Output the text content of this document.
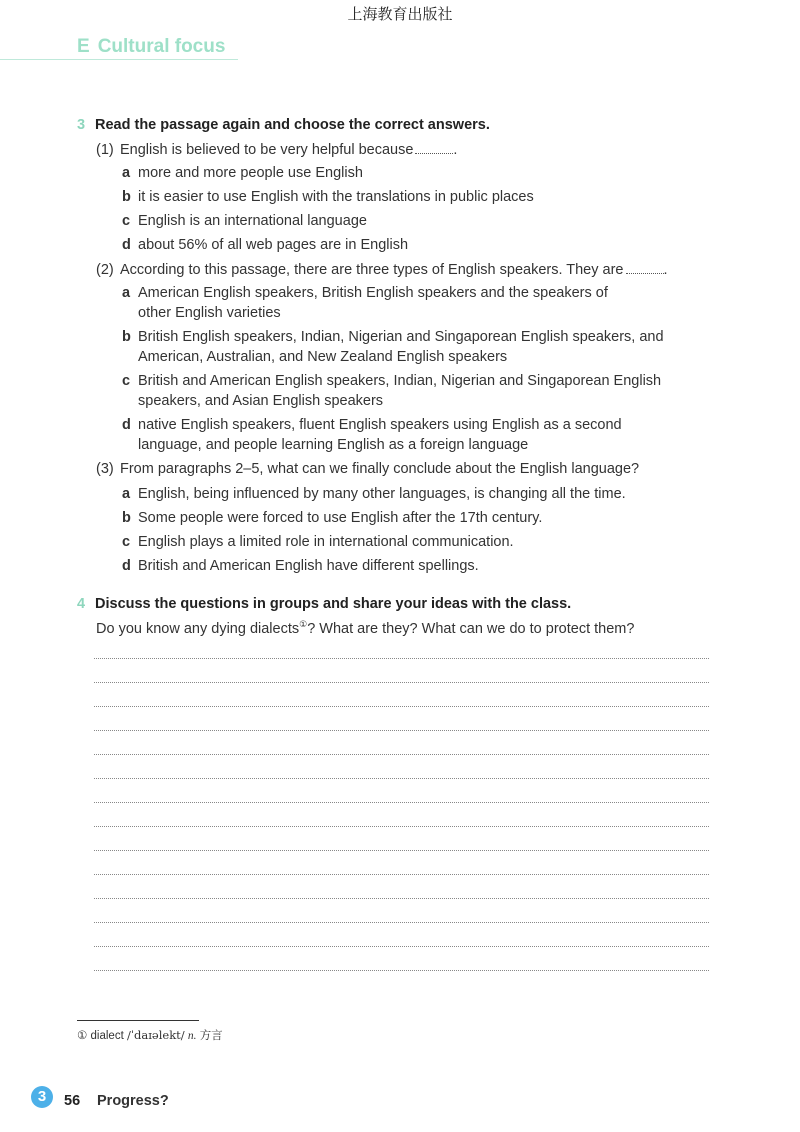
上海教育出版社
E Cultural focus
3 Read the passage again and choose the correct answers.
(1) English is believed to be very helpful because	.
a more and more people use English
b it is easier to use English with the translations in public places
c English is an international language
d about 56% of all web pages are in English
(2) According to this passage, there are three types of English speakers. They are	.
a American English speakers, British English speakers and the speakers of
other English varieties
b British English speakers, Indian, Nigerian and Singaporean English speakers, and
American, Australian, and New Zealand English speakers
c British and American English speakers, Indian, Nigerian and Singaporean English
speakers, and Asian English speakers
d native English speakers, fluent English speakers using English as a second
language, and people learning English as a foreign language
(3) From paragraphs 2–5, what can we finally conclude about the English language?
a English, being influenced by many other languages, is changing all the time.
b Some people were forced to use English after the 17th century.
c English plays a limited role in international communication.
d British and American English have different spellings.
4 Discuss the questions in groups and share your ideas with the class.
Do you know any dying dialects①? What are they? What can we do to protect them?
① dialect /ˈdaɪəlekt/ n. 方言
3	56 Progress?
